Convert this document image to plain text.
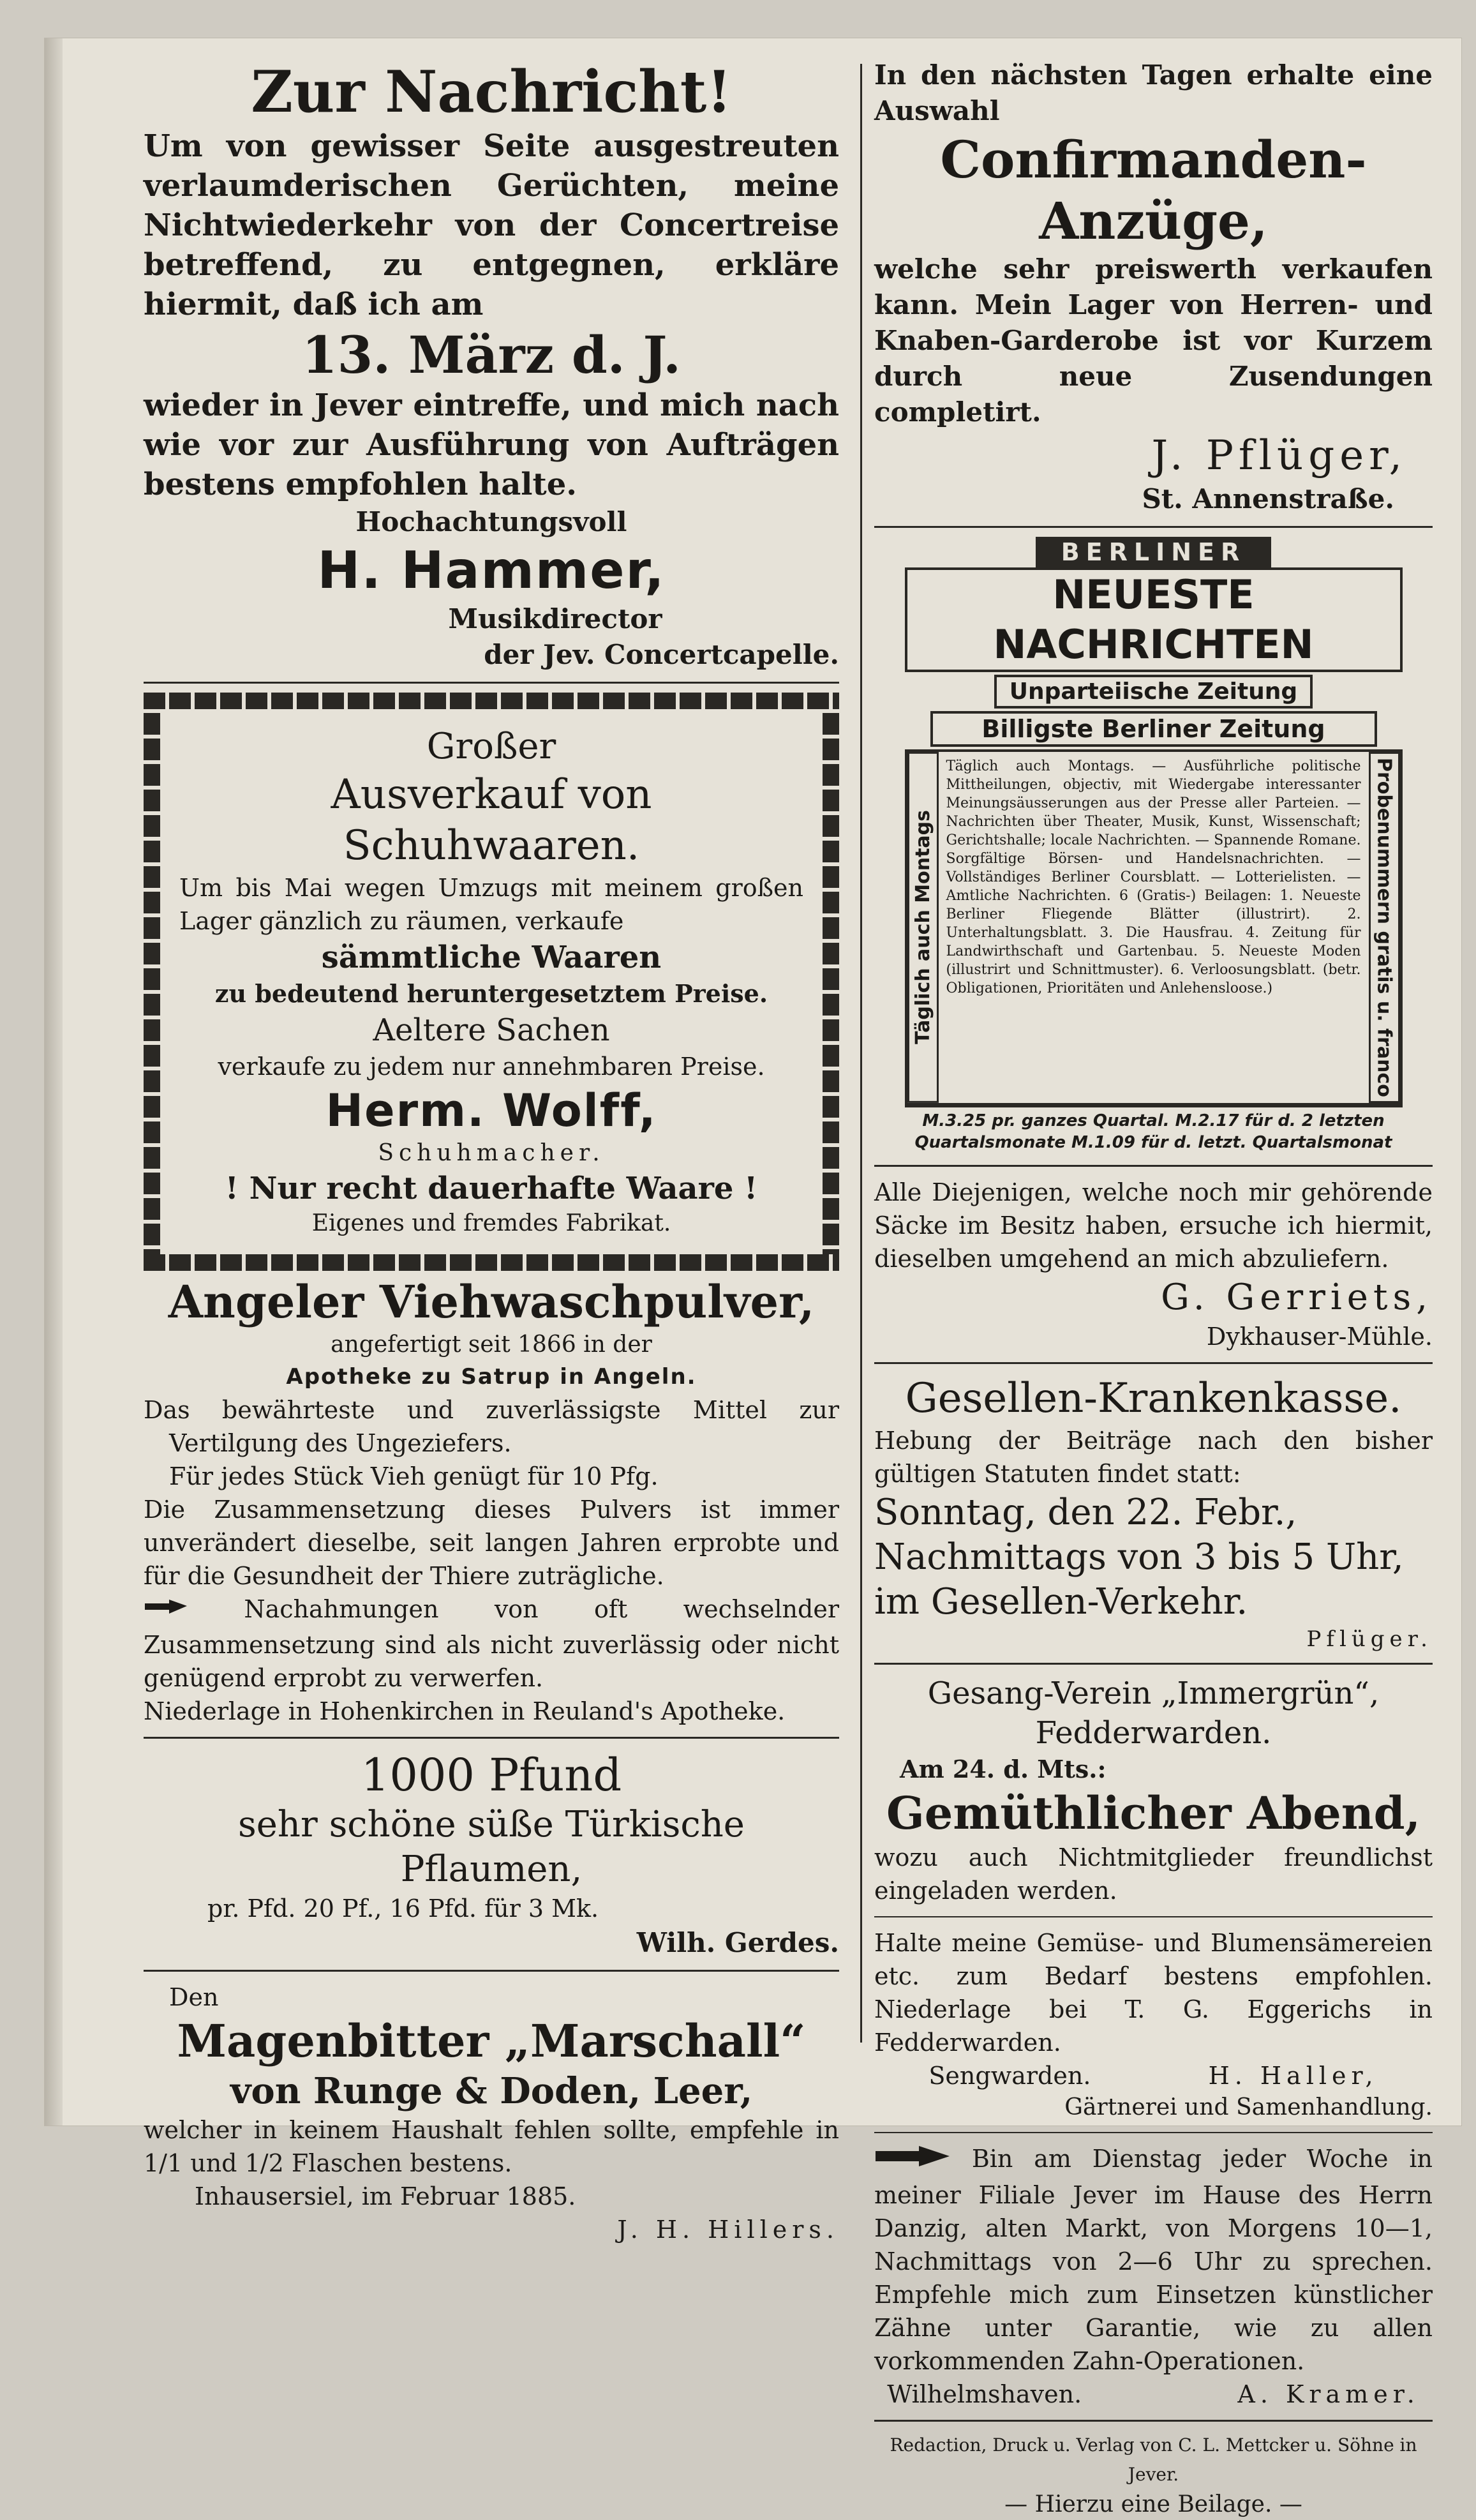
Zur Nachricht!

Um von gewisser Seite ausgestreuten verlaumderischen Gerüchten, meine Nichtwiederkehr von der Concertreise betreffend, zu entgegnen, erkläre hiermit, daß ich am

13. März d. J.

wieder in Jever eintreffe, und mich nach wie vor zur Ausführung von Aufträgen bestens empfohlen halte.

Hochachtungsvoll

H. Hammer,

Musikdirector

der Jev. Concertcapelle.

Großer

Ausverkauf von Schuhwaaren.

Um bis Mai wegen Umzugs mit meinem großen Lager gänzlich zu räumen, verkaufe

sämmtliche Waaren

zu bedeutend heruntergesetztem Preise.

Aeltere Sachen

verkaufe zu jedem nur annehmbaren Preise.

Herm. Wolff,

Schuhmacher.

! Nur recht dauerhafte Waare !

Eigenes und fremdes Fabrikat.

Angeler Viehwaschpulver,

angefertigt seit 1866 in der

Apotheke zu Satrup in Angeln.

Das bewährteste und zuverlässigste Mittel zur Vertilgung des Ungeziefers.

Für jedes Stück Vieh genügt für 10 Pfg.

Die Zusammensetzung dieses Pulvers ist immer unverändert dieselbe, seit langen Jahren erprobte und für die Gesundheit der Thiere zuträgliche.

Nachahmungen von oft wechselnder Zusammensetzung sind als nicht zuverlässig oder nicht genügend erprobt zu verwerfen.

Niederlage in Hohenkirchen in Reuland's Apotheke.

1000 Pfund

sehr schöne süße Türkische Pflaumen,

pr. Pfd. 20 Pf., 16 Pfd. für 3 Mk.

Wilh. Gerdes.

Den

Magenbitter „Marschall“

von Runge & Doden, Leer,

welcher in keinem Haushalt fehlen sollte, empfehle in 1/1 und 1/2 Flaschen bestens.

Inhausersiel, im Februar 1885.

J. H. Hillers.

In den nächsten Tagen erhalte eine Auswahl

Confirmanden-Anzüge,

welche sehr preiswerth verkaufen kann. Mein Lager von Herren- und Knaben-Garderobe ist vor Kurzem durch neue Zusendungen completirt.

J. Pflüger,

St. Annenstraße.

BERLINER
NEUESTE NACHRICHTEN
Unparteiische Zeitung
Billigste Berliner Zeitung
Täglich auch Montags
Täglich auch Montags. — Ausführliche politische Mittheilungen, objectiv, mit Wiedergabe interessanter Meinungsäusserungen aus der Presse aller Parteien. — Nachrichten über Theater, Musik, Kunst, Wissenschaft; Gerichtshalle; locale Nachrichten. — Spannende Romane. Sorgfältige Börsen- und Handelsnachrichten. — Vollständiges Berliner Coursblatt. — Lotterielisten. — Amtliche Nachrichten. 6 (Gratis-) Beilagen: 1. Neueste Berliner Fliegende Blätter (illustrirt). 2. Unterhaltungsblatt. 3. Die Hausfrau. 4. Zeitung für Landwirthschaft und Gartenbau. 5. Neueste Moden (illustrirt und Schnittmuster). 6. Verloosungsblatt. (betr. Obligationen, Prioritäten und Anlehensloose.)	Probenummern gratis u. franco
M.3.25 pr. ganzes Quartal. M.2.17 für d. 2 letzten
Quartalsmonate M.1.09 für d. letzt. Quartalsmonat

Alle Diejenigen, welche noch mir gehörende Säcke im Besitz haben, ersuche ich hiermit, dieselben umgehend an mich abzuliefern.

G. Gerriets,

Dykhauser-Mühle.

Gesellen-Krankenkasse.

Hebung der Beiträge nach den bisher gültigen Statuten findet statt:

Sonntag, den 22. Febr., Nachmittags von 3 bis 5 Uhr, im Gesellen-Verkehr.

Pflüger.

Gesang-Verein „Immergrün“,

Fedderwarden.

Am 24. d. Mts.:

Gemüthlicher Abend,

wozu auch Nichtmitglieder freundlichst eingeladen werden.

Halte meine Gemüse- und Blumensämereien etc. zum Bedarf bestens empfohlen. Niederlage bei T. G. Eggerichs in Fedderwarden.

Sengwarden.	H. Haller,

Gärtnerei und Samenhandlung.

Bin am Dienstag jeder Woche in meiner Filiale Jever im Hause des Herrn Danzig, alten Markt, von Morgens 10—1, Nachmittags von 2—6 Uhr zu sprechen. Empfehle mich zum Einsetzen künstlicher Zähne unter Garantie, wie zu allen vorkommenden Zahn-Operationen.

Wilhelmshaven.	A. Kramer.

Redaction, Druck u. Verlag von C. L. Mettcker u. Söhne in Jever.

— Hierzu eine Beilage. —
